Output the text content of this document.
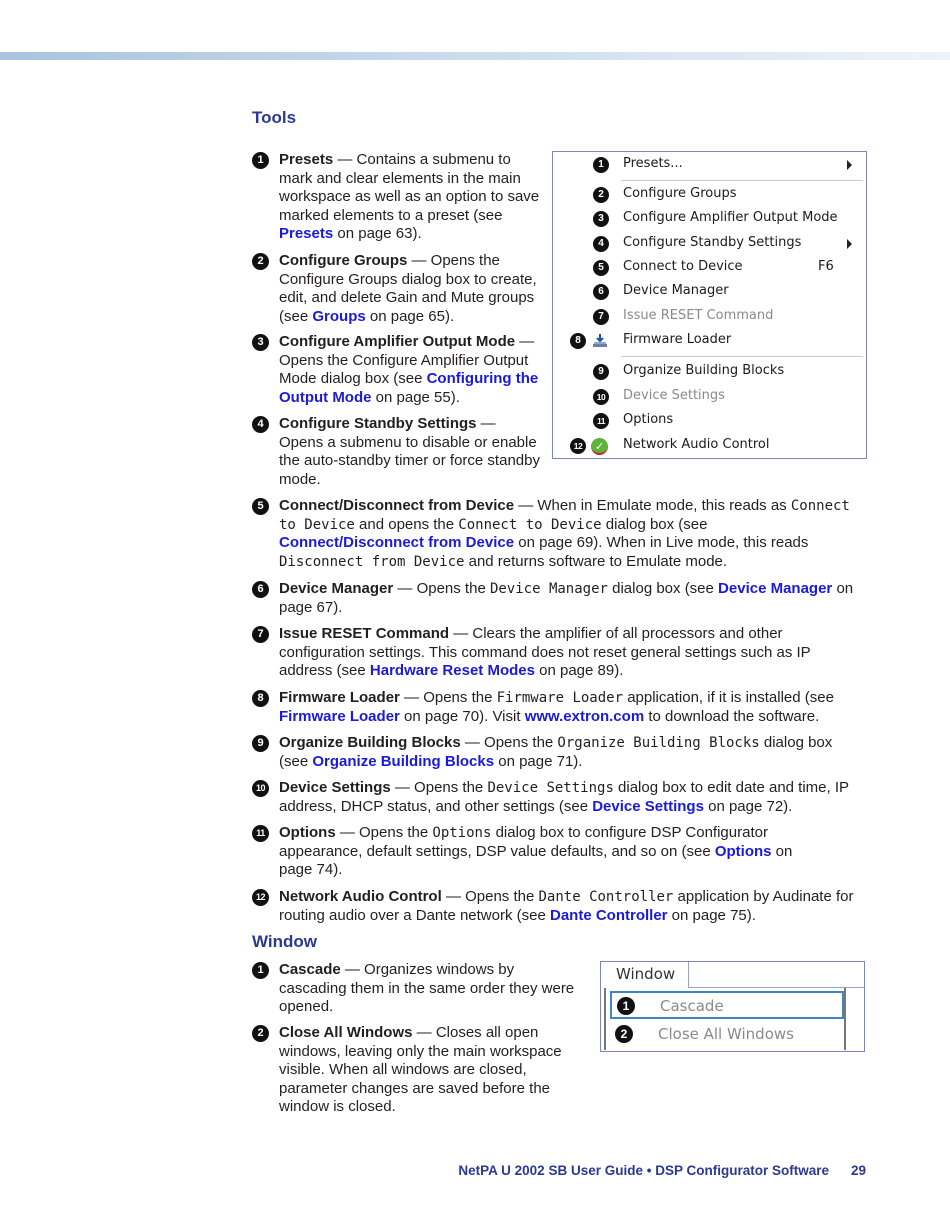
Tools
1	Presets — Contains a submenu to mark and clear elements in the main workspace as well as an option to save marked elements to a preset (see Presets on page 63).
2	Configure Groups — Opens the Configure Groups dialog box to create, edit, and delete Gain and Mute groups (see Groups on page 65).
3	Configure Amplifier Output Mode — Opens the Configure Amplifier Output Mode dialog box (see Configuring the Output Mode on page 55).
4	Configure Standby Settings — Opens a submenu to disable or enable the auto-standby timer or force standby mode.
5	Connect/Disconnect from Device — When in Emulate mode, this reads as Connect to Device and opens the Connect to Device dialog box (see Connect/Disconnect from Device on page 69). When in Live mode, this reads Disconnect from Device and returns software to Emulate mode.
6	Device Manager — Opens the Device Manager dialog box (see Device Manager on page 67).
7	Issue RESET Command — Clears the amplifier of all processors and other configuration settings. This command does not reset general settings such as IP address (see Hardware Reset Modes on page 89).
8	Firmware Loader — Opens the Firmware Loader application, if it is installed (see Firmware Loader on page 70). Visit www.extron.com to download the software.
9	Organize Building Blocks — Opens the Organize Building Blocks dialog box (see Organize Building Blocks on page 71).
10 Device Settings — Opens the Device Settings dialog box to edit date and time, IP address, DHCP status, and other settings (see Device Settings on page 72).
11 Options — Opens the Options dialog box to configure DSP Configurator appearance, default settings, DSP value defaults, and so on (see Options on page 74).
12 Network Audio Control — Opens the Dante Controller application by Audinate for routing audio over a Dante network (see Dante Controller on page 75).
1	Presets...
2	Configure Groups
3	Configure Amplifier Output Mode
4	Configure Standby Settings
5	Connect to Device	F6
6	Device Manager
7	Issue RESET Command
8	Firmware Loader
9	Organize Building Blocks
10 Device Settings
11	Options
12	✓ Network Audio Control
Window
1	Cascade — Organizes windows by cascading them in the same order they were opened.
2	Close All Windows — Closes all open windows, leaving only the main workspace visible. When all windows are closed, parameter changes are saved before the window is closed.
Window
1	Cascade
2	Close All Windows
NetPA U 2002 SB User Guide • DSP Configurator Software 29
